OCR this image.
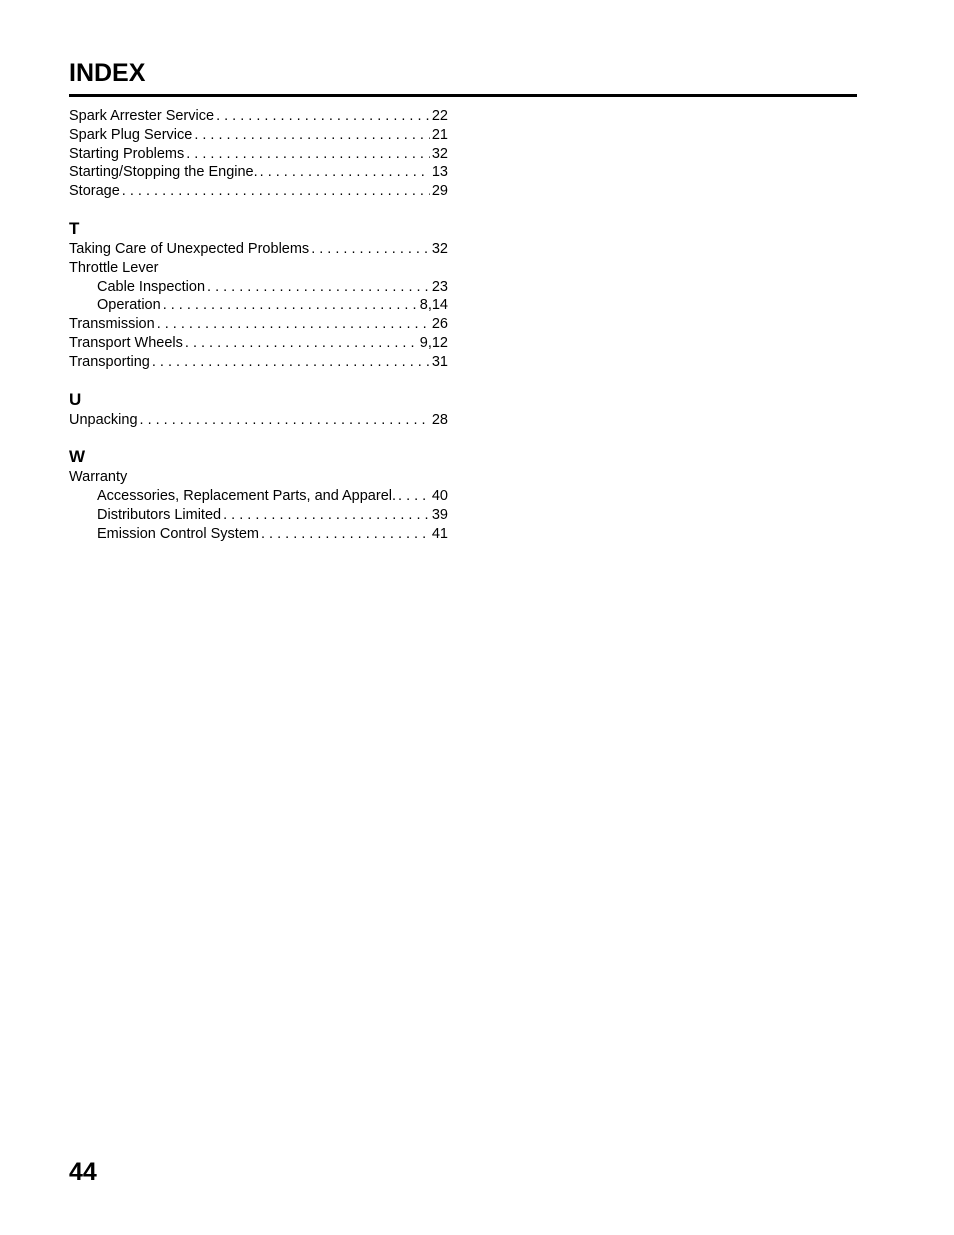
INDEX
Spark Arrester Service . . .	22
Spark Plug Service . . .	21
Starting Problems . . .	32
Starting/Stopping the Engine. . . .	13
Storage . . .	29
T
Taking Care of Unexpected Problems . . .	32
Throttle Lever
Cable Inspection . . .	23
Operation . . .	8,14
Transmission . . .	26
Transport Wheels . . .	9,12
Transporting . . .	31
U
Unpacking . . .	28
W
Warranty
Accessories, Replacement Parts, and Apparel. . . . 40
Distributors Limited . . .	39
Emission Control System . . .	41
44
